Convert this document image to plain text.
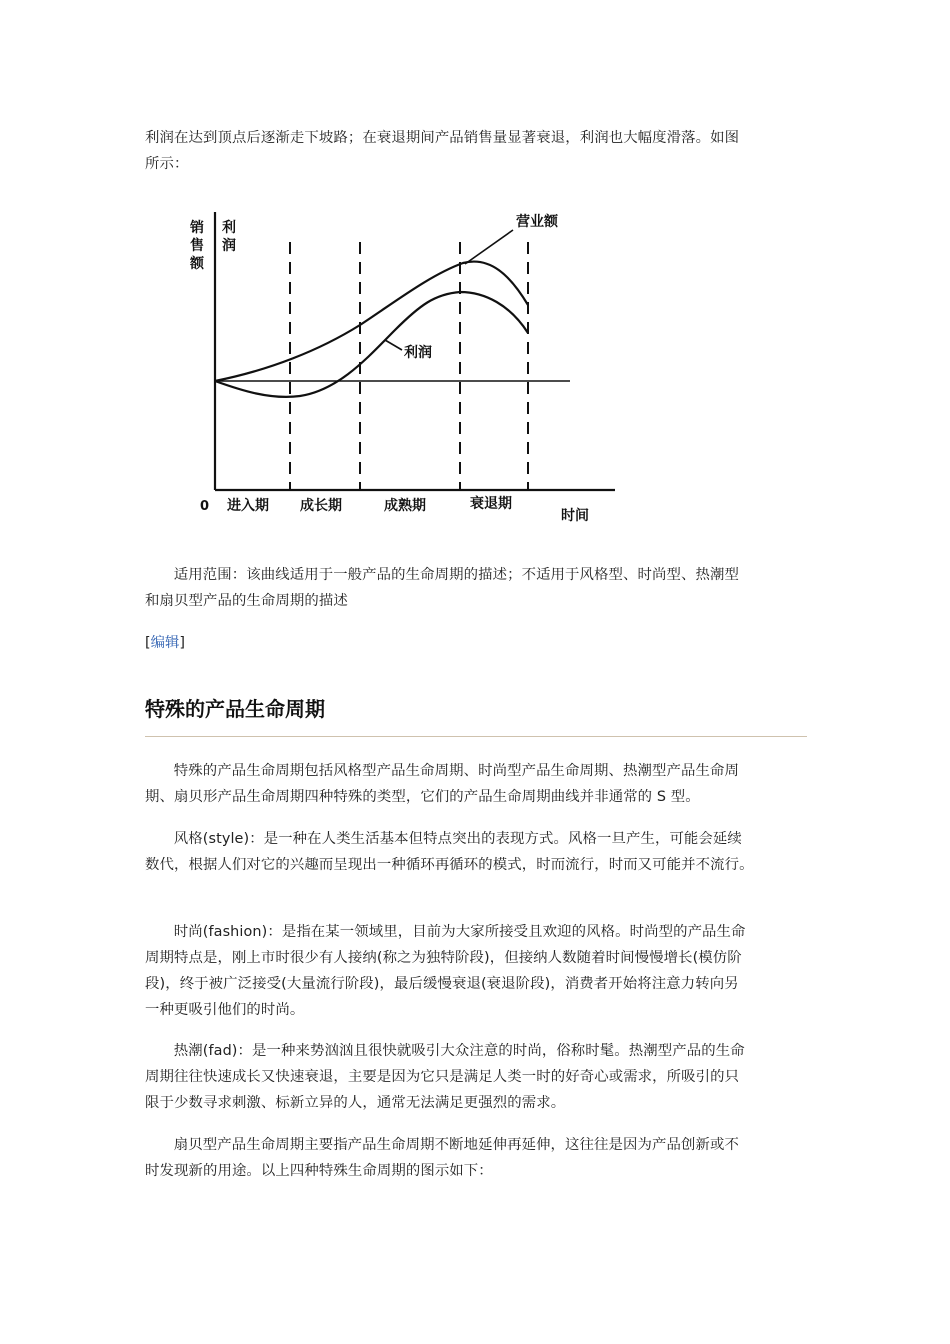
利润在达到顶点后逐渐走下坡路；在衰退期间产品销售量显著衰退，利润也大幅度滑落。如图
所示：

销
售
额
利
润
营业额
利润
0 进入期 成长期	成熟期	衰退期
时间

适用范围：该曲线适用于一般产品的生命周期的描述；不适用于风格型、时尚型、热潮型
和扇贝型产品的生命周期的描述

[编辑]
特殊的产品生命周期

特殊的产品生命周期包括风格型产品生命周期、时尚型产品生命周期、热潮型产品生命周
期、扇贝形产品生命周期四种特殊的类型，它们的产品生命周期曲线并非通常的 S 型。

风格(style)：是一种在人类生活基本但特点突出的表现方式。风格一旦产生，可能会延续
数代，根据人们对它的兴趣而呈现出一种循环再循环的模式，时而流行，时而又可能并不流行。

时尚(fashion)：是指在某一领域里，目前为大家所接受且欢迎的风格。时尚型的产品生命
周期特点是，刚上市时很少有人接纳(称之为独特阶段)，但接纳人数随着时间慢慢增长(模仿阶
段)，终于被广泛接受(大量流行阶段)，最后缓慢衰退(衰退阶段)，消费者开始将注意力转向另
一种更吸引他们的时尚。

热潮(fad)：是一种来势汹汹且很快就吸引大众注意的时尚，俗称时髦。热潮型产品的生命
周期往往快速成长又快速衰退，主要是因为它只是满足人类一时的好奇心或需求，所吸引的只
限于少数寻求刺激、标新立异的人，通常无法满足更强烈的需求。

扇贝型产品生命周期主要指产品生命周期不断地延伸再延伸，这往往是因为产品创新或不
时发现新的用途。以上四种特殊生命周期的图示如下：
